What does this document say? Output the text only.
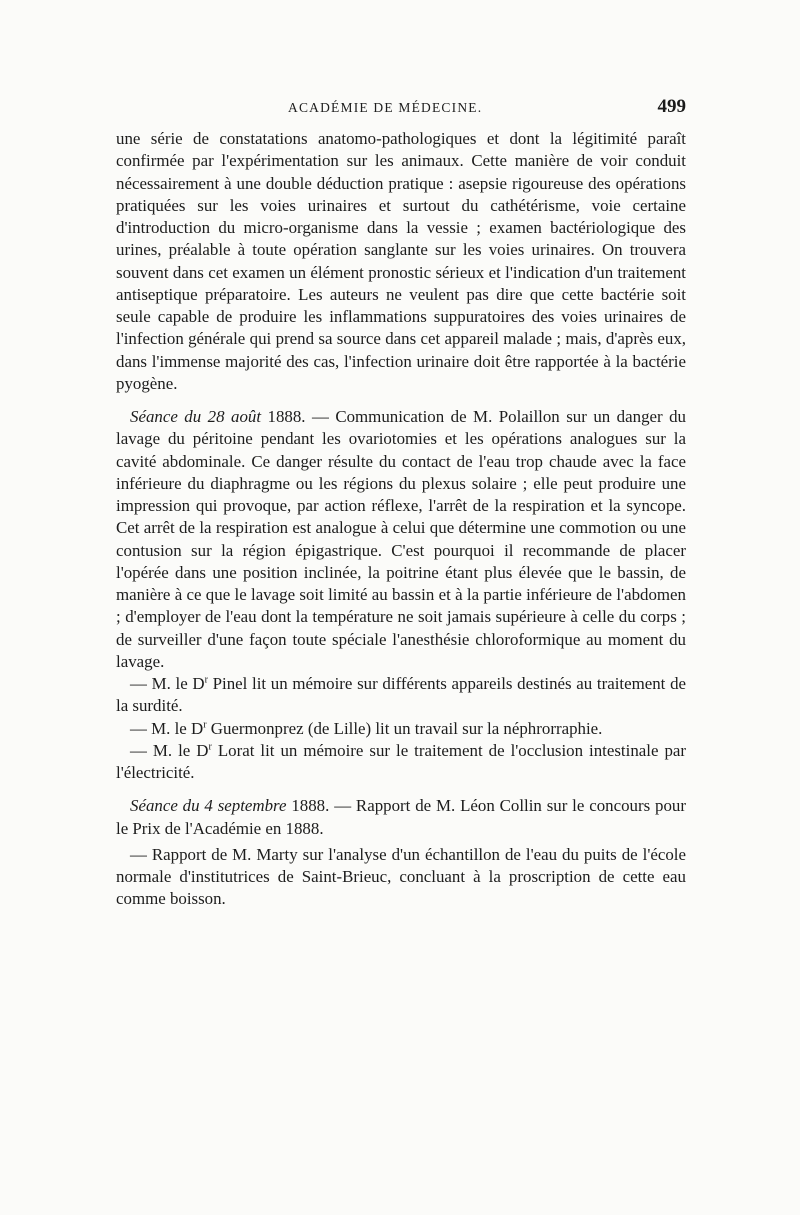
ACADÉMIE DE MÉDECINE.	499

une série de constatations anatomo-pathologiques et dont la légitimité paraît confirmée par l'expérimentation sur les animaux. Cette manière de voir conduit nécessairement à une double déduction pratique : asepsie rigoureuse des opérations pratiquées sur les voies urinaires et surtout du cathétérisme, voie certaine d'introduction du micro-organisme dans la vessie ; examen bactériologique des urines, préalable à toute opération sanglante sur les voies urinaires. On trouvera souvent dans cet examen un élément pronostic sérieux et l'indication d'un traitement antiseptique préparatoire. Les auteurs ne veulent pas dire que cette bactérie soit seule capable de produire les inflammations suppuratoires des voies urinaires de l'infection générale qui prend sa source dans cet appareil malade ; mais, d'après eux, dans l'immense majorité des cas, l'infection urinaire doit être rapportée à la bactérie pyogène.

Séance du 28 août 1888. — Communication de M. Polaillon sur un danger du lavage du péritoine pendant les ovariotomies et les opérations analogues sur la cavité abdominale. Ce danger résulte du contact de l'eau trop chaude avec la face inférieure du diaphragme ou les régions du plexus solaire ; elle peut produire une impression qui provoque, par action réflexe, l'arrêt de la respiration et la syncope. Cet arrêt de la respiration est analogue à celui que détermine une commotion ou une contusion sur la région épigastrique. C'est pourquoi il recommande de placer l'opérée dans une position inclinée, la poitrine étant plus élevée que le bassin, de manière à ce que le lavage soit limité au bassin et à la partie inférieure de l'abdomen ; d'employer de l'eau dont la température ne soit jamais supérieure à celle du corps ; de surveiller d'une façon toute spéciale l'anesthésie chloroformique au moment du lavage.

— M. le $D^r$ Pinel lit un mémoire sur différents appareils destinés au traitement de la surdité.

— M. le $D^r$ Guermonprez (de Lille) lit un travail sur la néphrorraphie.

— M. le $D^r$ Lorat lit un mémoire sur le traitement de l'occlusion intestinale par l'électricité.

Séance du 4 septembre 1888. — Rapport de M. Léon Collin sur le concours pour le Prix de l'Académie en 1888.

— Rapport de M. Marty sur l'analyse d'un échantillon de l'eau du puits de l'école normale d'institutrices de Saint-Brieuc, concluant à la proscription de cette eau comme boisson.
